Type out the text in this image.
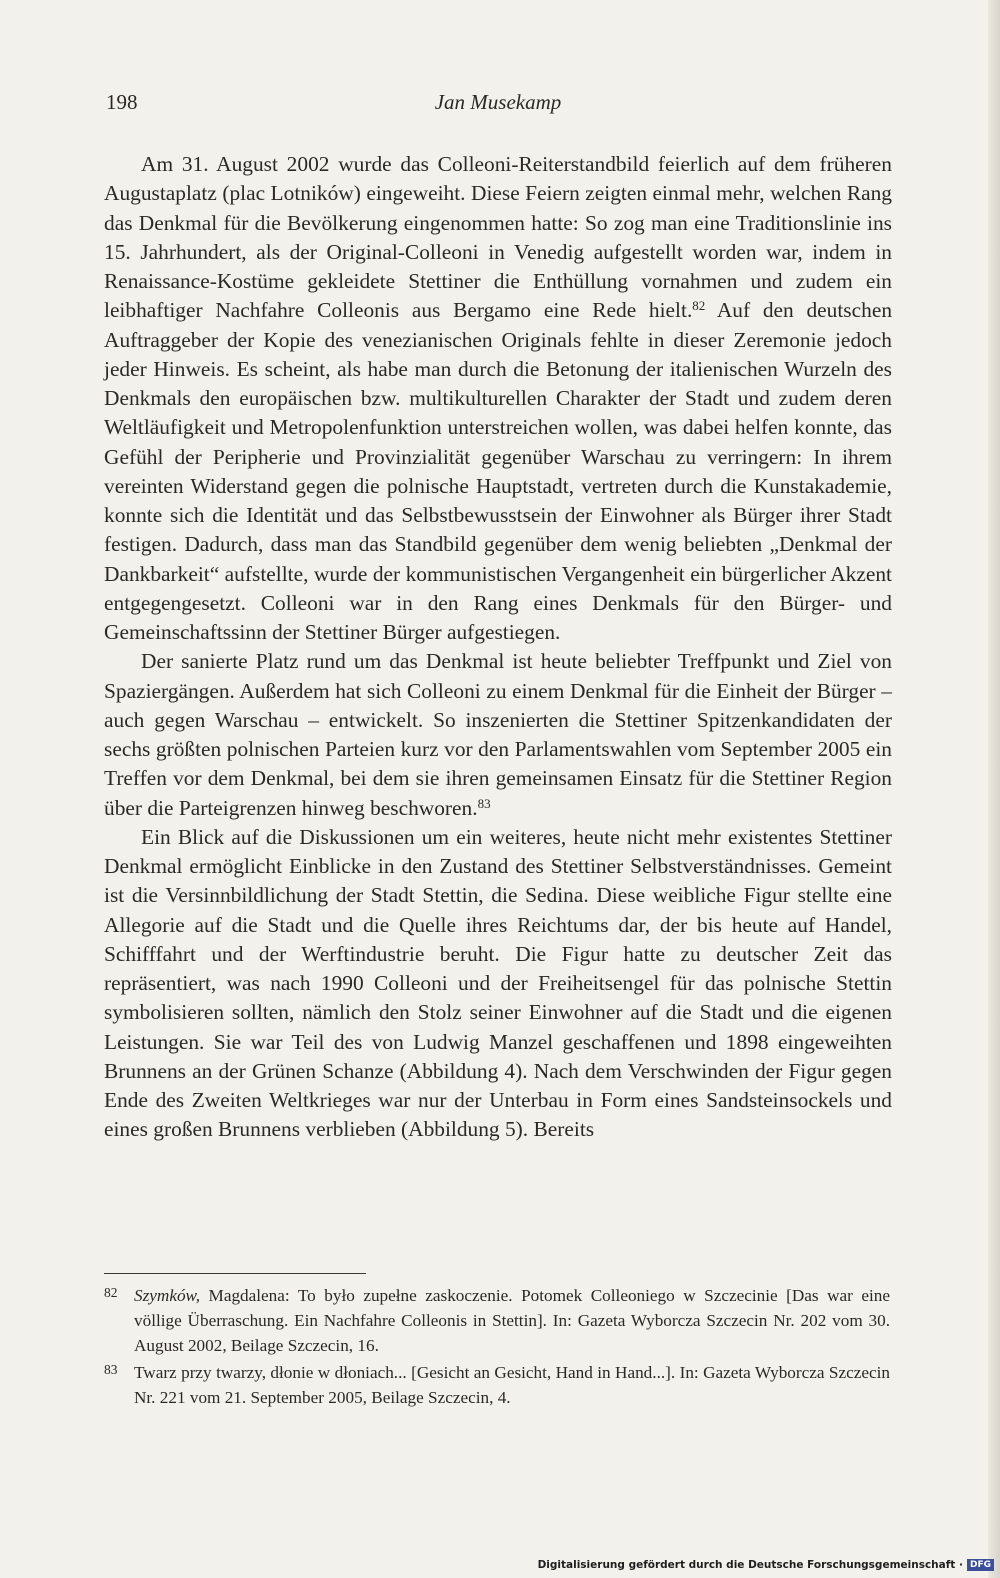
198	Jan Musekamp

Am 31. August 2002 wurde das Colleoni-Reiterstandbild feierlich auf dem früheren Augustaplatz (plac Lotników) eingeweiht. Diese Feiern zeigten einmal mehr, welchen Rang das Denkmal für die Bevölkerung eingenommen hatte: So zog man eine Traditionslinie ins 15. Jahrhundert, als der Original-Colleoni in Venedig aufgestellt worden war, indem in Renaissance-Kostüme gekleidete Stettiner die Enthüllung vornahmen und zudem ein leibhaftiger Nachfahre Colleonis aus Bergamo eine Rede hielt.$^{82}$ Auf den deutschen Auftraggeber der Kopie des venezianischen Originals fehlte in dieser Zeremonie jedoch jeder Hinweis. Es scheint, als habe man durch die Betonung der italienischen Wurzeln des Denkmals den europäischen bzw. multikulturellen Charakter der Stadt und zudem deren Weltläufigkeit und Metropolenfunktion unterstreichen wollen, was dabei helfen konnte, das Gefühl der Peripherie und Provinzialität gegenüber Warschau zu verringern: In ihrem vereinten Widerstand gegen die polnische Hauptstadt, vertreten durch die Kunstakademie, konnte sich die Identität und das Selbstbewusstsein der Einwohner als Bürger ihrer Stadt festigen. Dadurch, dass man das Standbild gegenüber dem wenig beliebten „Denkmal der Dankbarkeit“ aufstellte, wurde der kommunistischen Vergangenheit ein bürgerlicher Akzent entgegengesetzt. Colleoni war in den Rang eines Denkmals für den Bürger- und Gemeinschaftssinn der Stettiner Bürger aufgestiegen.

Der sanierte Platz rund um das Denkmal ist heute beliebter Treffpunkt und Ziel von Spaziergängen. Außerdem hat sich Colleoni zu einem Denkmal für die Einheit der Bürger – auch gegen Warschau – entwickelt. So inszenierten die Stettiner Spitzenkandidaten der sechs größten polnischen Parteien kurz vor den Parlamentswahlen vom September 2005 ein Treffen vor dem Denkmal, bei dem sie ihren gemeinsamen Einsatz für die Stettiner Region über die Parteigrenzen hinweg beschworen.$^{83}$

Ein Blick auf die Diskussionen um ein weiteres, heute nicht mehr existentes Stettiner Denkmal ermöglicht Einblicke in den Zustand des Stettiner Selbstverständnisses. Gemeint ist die Versinnbildlichung der Stadt Stettin, die Sedina. Diese weibliche Figur stellte eine Allegorie auf die Stadt und die Quelle ihres Reichtums dar, der bis heute auf Handel, Schifffahrt und der Werftindustrie beruht. Die Figur hatte zu deutscher Zeit das repräsentiert, was nach 1990 Colleoni und der Freiheitsengel für das polnische Stettin symbolisieren sollten, nämlich den Stolz seiner Einwohner auf die Stadt und die eigenen Leistungen. Sie war Teil des von Ludwig Manzel geschaffenen und 1898 eingeweihten Brunnens an der Grünen Schanze (Abbildung 4). Nach dem Verschwinden der Figur gegen Ende des Zweiten Weltkrieges war nur der Unterbau in Form eines Sandsteinsockels und eines großen Brunnens verblieben (Abbildung 5). Bereits

82 Szymków, Magdalena: To było zupełne zaskoczenie. Potomek Colleoniego w Szczecinie [Das war eine völlige Überraschung. Ein Nachfahre Colleonis in Stettin]. In: Gazeta Wyborcza Szczecin Nr. 202 vom 30. August 2002, Beilage Szczecin, 16.
83 Twarz przy twarzy, dłonie w dłoniach... [Gesicht an Gesicht, Hand in Hand...]. In: Gazeta Wyborcza Szczecin Nr. 221 vom 21. September 2005, Beilage Szczecin, 4.
Digitalisierung gefördert durch die Deutsche Forschungsgemeinschaft · DFG
